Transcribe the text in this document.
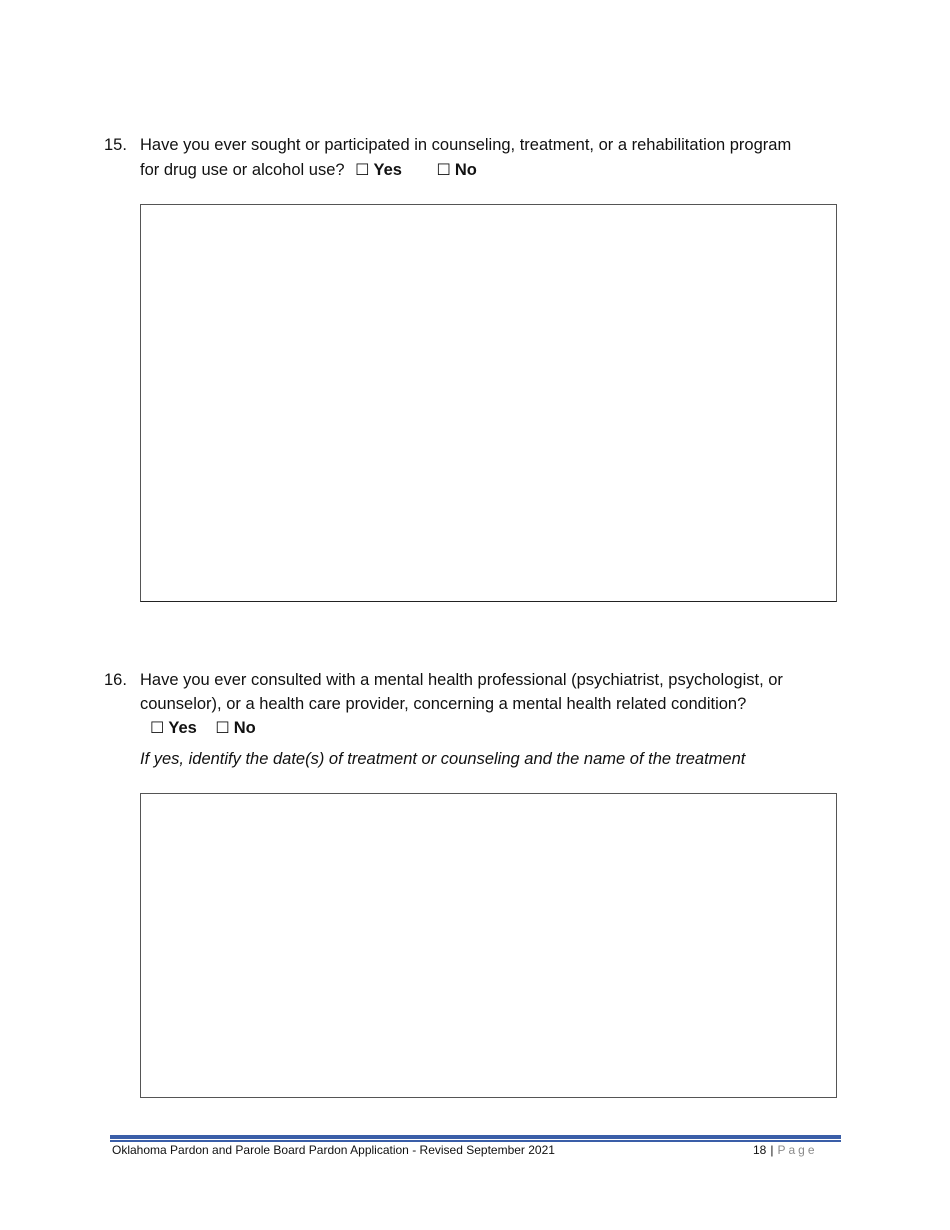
15. Have you ever sought or participated in counseling, treatment, or a rehabilitation program
for drug use or alcohol use? ☐ Yes ☐ No
16. Have you ever consulted with a mental health professional (psychiatrist, psychologist, or
counselor), or a health care provider, concerning a mental health related condition?
☐ Yes ☐ No
If yes, identify the date(s) of treatment or counseling and the name of the treatment
Oklahoma Pardon and Parole Board Pardon Application - Revised September 2021	18 | Page
